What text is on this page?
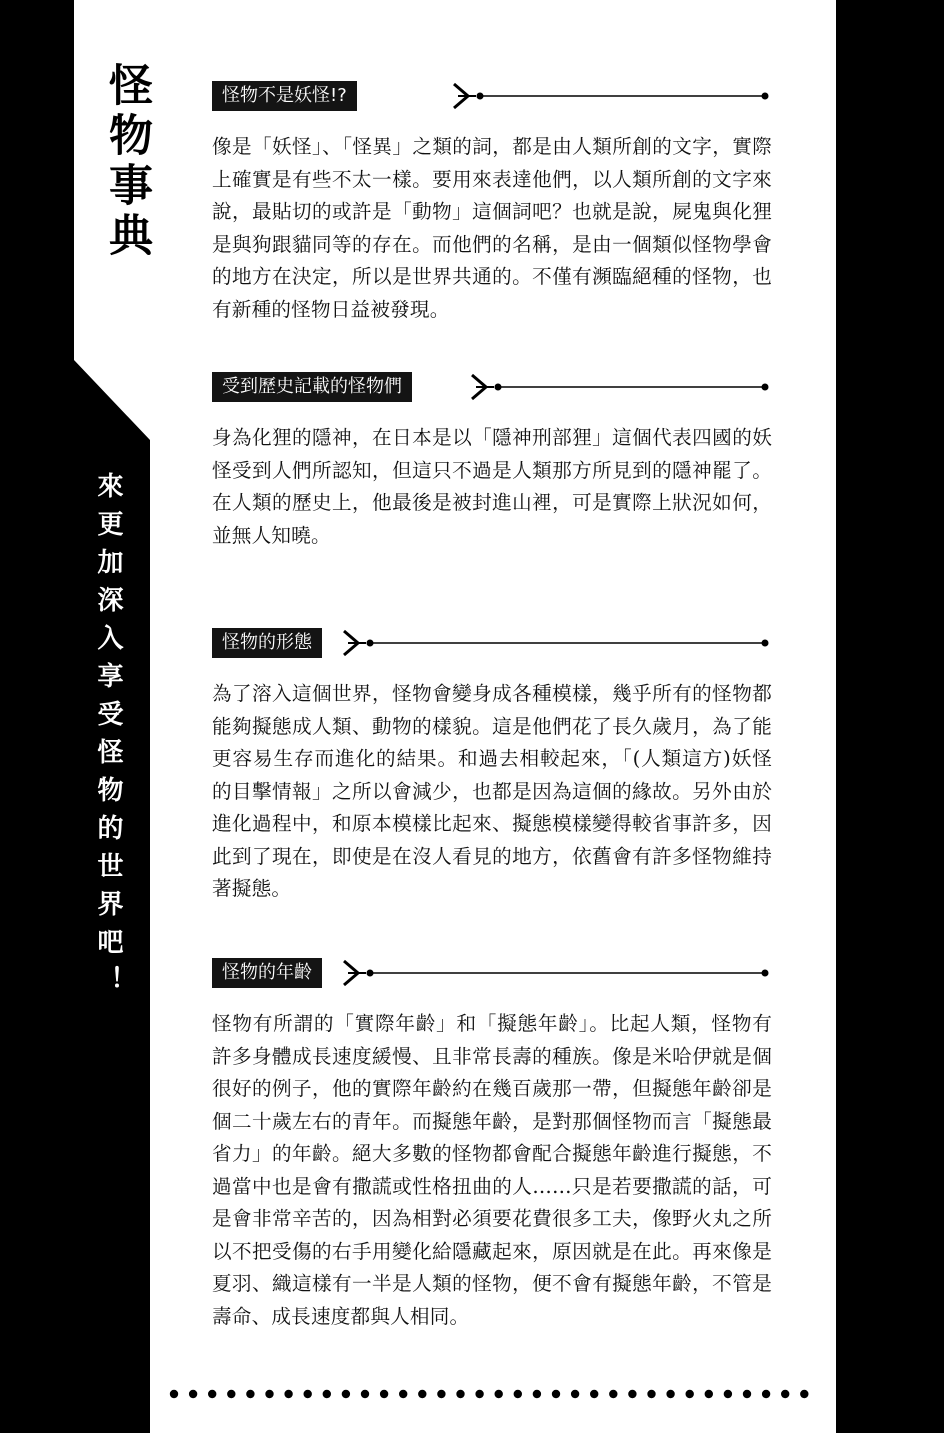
怪物事典
來更加深入享受怪物的世界吧！
怪物不是妖怪!?

像是「妖怪」、「怪異」之類的詞，都是由人類所創的文字，實際上確實是有些不太一樣。要用來表達他們，以人類所創的文字來說，最貼切的或許是「動物」這個詞吧？也就是說，屍鬼與化狸是與狗跟貓同等的存在。而他們的名稱，是由一個類似怪物學會的地方在決定，所以是世界共通的。不僅有瀕臨絕種的怪物，也有新種的怪物日益被發現。

受到歷史記載的怪物們

身為化狸的隱神，在日本是以「隱神刑部狸」這個代表四國的妖怪受到人們所認知，但這只不過是人類那方所見到的隱神罷了。在人類的歷史上，他最後是被封進山裡，可是實際上狀況如何，並無人知曉。

怪物的形態

為了溶入這個世界，怪物會變身成各種模樣，幾乎所有的怪物都能夠擬態成人類、動物的樣貌。這是他們花了長久歲月，為了能更容易生存而進化的結果。和過去相較起來，「(人類這方)妖怪的目擊情報」之所以會減少，也都是因為這個的緣故。另外由於進化過程中，和原本模樣比起來、擬態模樣變得較省事許多，因此到了現在，即使是在沒人看見的地方，依舊會有許多怪物維持著擬態。

怪物的年齡

怪物有所謂的「實際年齡」和「擬態年齡」。比起人類，怪物有許多身體成長速度緩慢、且非常長壽的種族。像是米哈伊就是個很好的例子，他的實際年齡約在幾百歲那一帶，但擬態年齡卻是個二十歲左右的青年。而擬態年齡，是對那個怪物而言「擬態最省力」的年齡。絕大多數的怪物都會配合擬態年齡進行擬態，不過當中也是會有撒謊或性格扭曲的人……只是若要撒謊的話，可是會非常辛苦的，因為相對必須要花費很多工夫，像野火丸之所以不把受傷的右手用變化給隱藏起來，原因就是在此。再來像是夏羽、織這樣有一半是人類的怪物，便不會有擬態年齡，不管是壽命、成長速度都與人相同。
